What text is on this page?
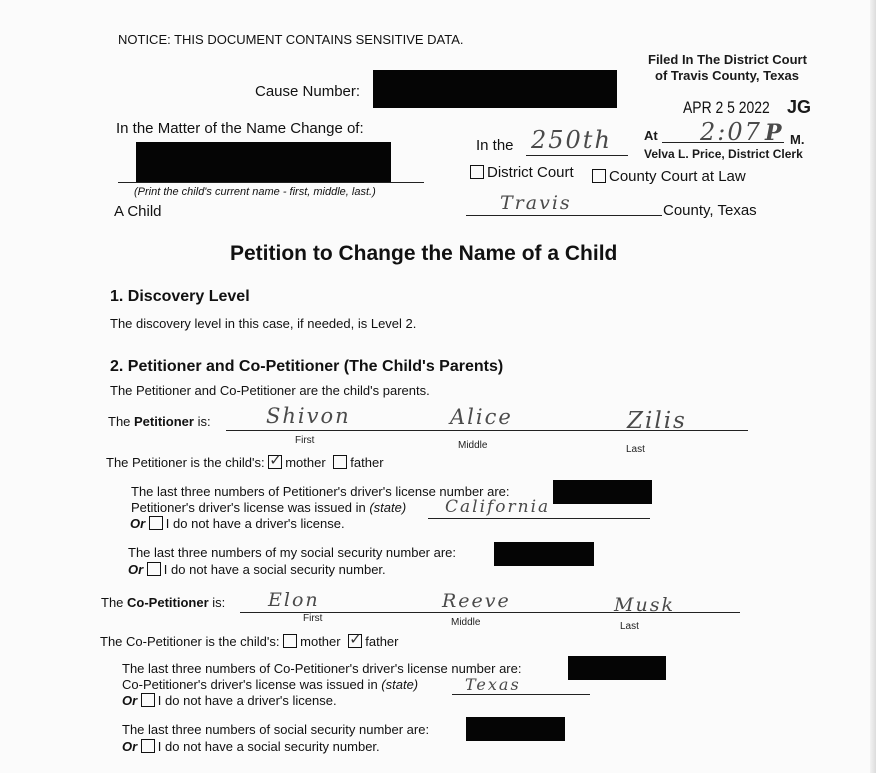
NOTICE: THIS DOCUMENT CONTAINS SENSITIVE DATA.
Filed In The District Court
of Travis County, Texas
APR 2 5 2022 JG
At 2:07 P M.
Velva L. Price, District Clerk
Cause Number:
In the Matter of the Name Change of:
(Print the child's current name - first, middle, last.)
A Child
In the 250th
District Court	County Court at Law
Travis	County, Texas
Petition to Change the Name of a Child
1. Discovery Level
The discovery level in this case, if needed, is Level 2.
2. Petitioner and Co-Petitioner (The Child's Parents)
The Petitioner and Co-Petitioner are the child's parents.
The Petitioner is:	Shivon	Alice	Zilis
First	Middle	Last
The Petitioner is the child's: ✓ mother father
The last three numbers of Petitioner's driver's license number are:
Petitioner's driver's license was issued in (state) California
Or I do not have a driver's license.
The last three numbers of my social security number are:
Or I do not have a social security number.
The Co-Petitioner is: Elon	Reeve	Musk
First	Middle	Last
The Co-Petitioner is the child's: mother ✓ father
The last three numbers of Co-Petitioner's driver's license number are:
Co-Petitioner's driver's license was issued in (state)	Texas
Or I do not have a driver's license.
The last three numbers of social security number are:
Or I do not have a social security number.
